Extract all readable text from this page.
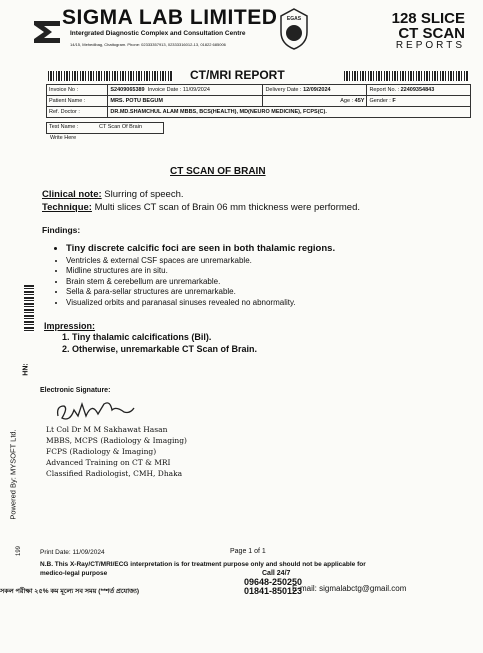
SIGMA LAB LIMITED
Intergrated Diagnostic Complex and Consultation Centre
14/15, Mehedibag, Chattogram. Phone: 02333357913, 02333316012-13, 01822 685006
EGAS	128 SLICE
CT SCAN
REPORTS
CT/MRI REPORT
Invoice No :	S2409065389 Invoice Date : 11/09/2024	Delivery Date : 12/09/2024	Report No. : 22409354843
Patient Name :	MRS. POTU BEGUM	Age : 45Y	Gender : F
Ref. Doctor :	DR.MD.SHAMCHUL ALAM MBBS, BCS(HEALTH), MD(NEURO MEDICINE), FCPS(C).		
Test Name :	CT Scan Of Brain
Write Here
CT SCAN OF BRAIN
Clinical note: Slurring of speech.
Technique: Multi slices CT scan of Brain 06 mm thickness were performed.
Findings:
• Tiny discrete calcific foci are seen in both thalamic regions.
• Ventricles & external CSF spaces are unremarkable.
• Midline structures are in situ.
• Brain stem & cerebellum are unremarkable.
• Sella & para-sellar structures are unremarkable.
• Visualized orbits and paranasal sinuses revealed no abnormality.
Impression:
1. Tiny thalamic calcifications (Bil).
2. Otherwise, unremarkable CT Scan of Brain.
HN:
Powered By: MYSOFT Ltd.
199
Electronic Signature:
Lt Col Dr M M Sakhawat Hasan
MBBS, MCPS (Radiology & Imaging)
FCPS (Radiology & Imaging)
Advanced Training on CT & MRI
Classified Radiologist, CMH, Dhaka
Print Date: 11/09/2024	Page 1 of 1
N.B. This X-Ray/CT/MRI/ECG interpretation is for treatment purpose only and should not be applicable for medico-legal purpose
সকল পরীক্ষা ২৫% কম মূল্যে সব সময় (**শর্ত প্রযোজ্য)
Call 24/7
09648-250250
01841-850123
E-mail: sigmalabctg@gmail.com
